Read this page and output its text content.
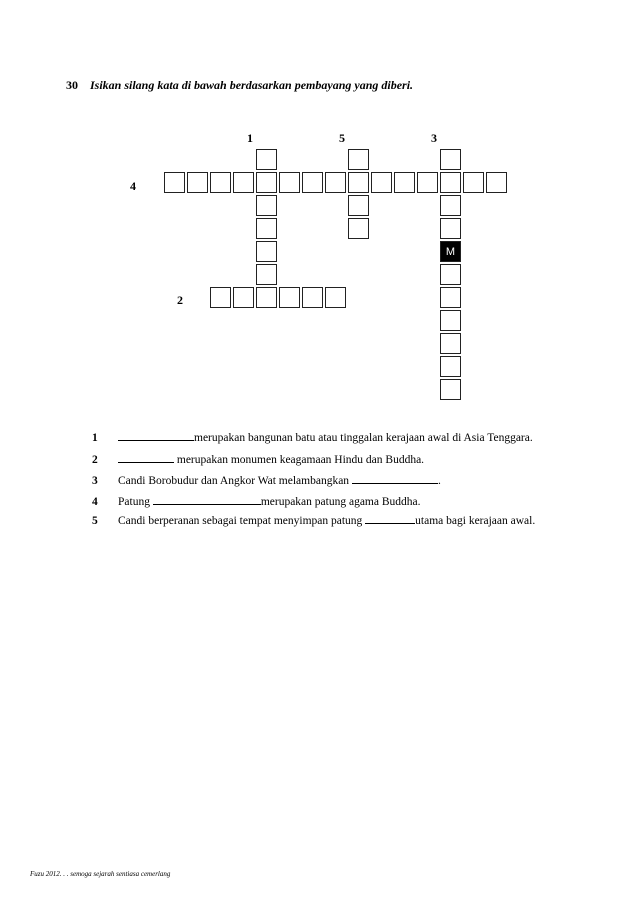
30 Isikan silang kata di bawah berdasarkan pembayang yang diberi.
1	5	3
4
2
M
1	merupakan bangunan batu atau tinggalan kerajaan awal di Asia Tenggara.
2	merupakan monumen keagamaan Hindu dan Buddha.
3 Candi Borobudur dan Angkor Wat melambangkan	.
4 Patung	merupakan patung agama Buddha.
5 Candi berperanan sebagai tempat menyimpan patung	utama bagi kerajaan awal.
Fuzu 2012. . . semoga sejarah sentiasa cemerlang
